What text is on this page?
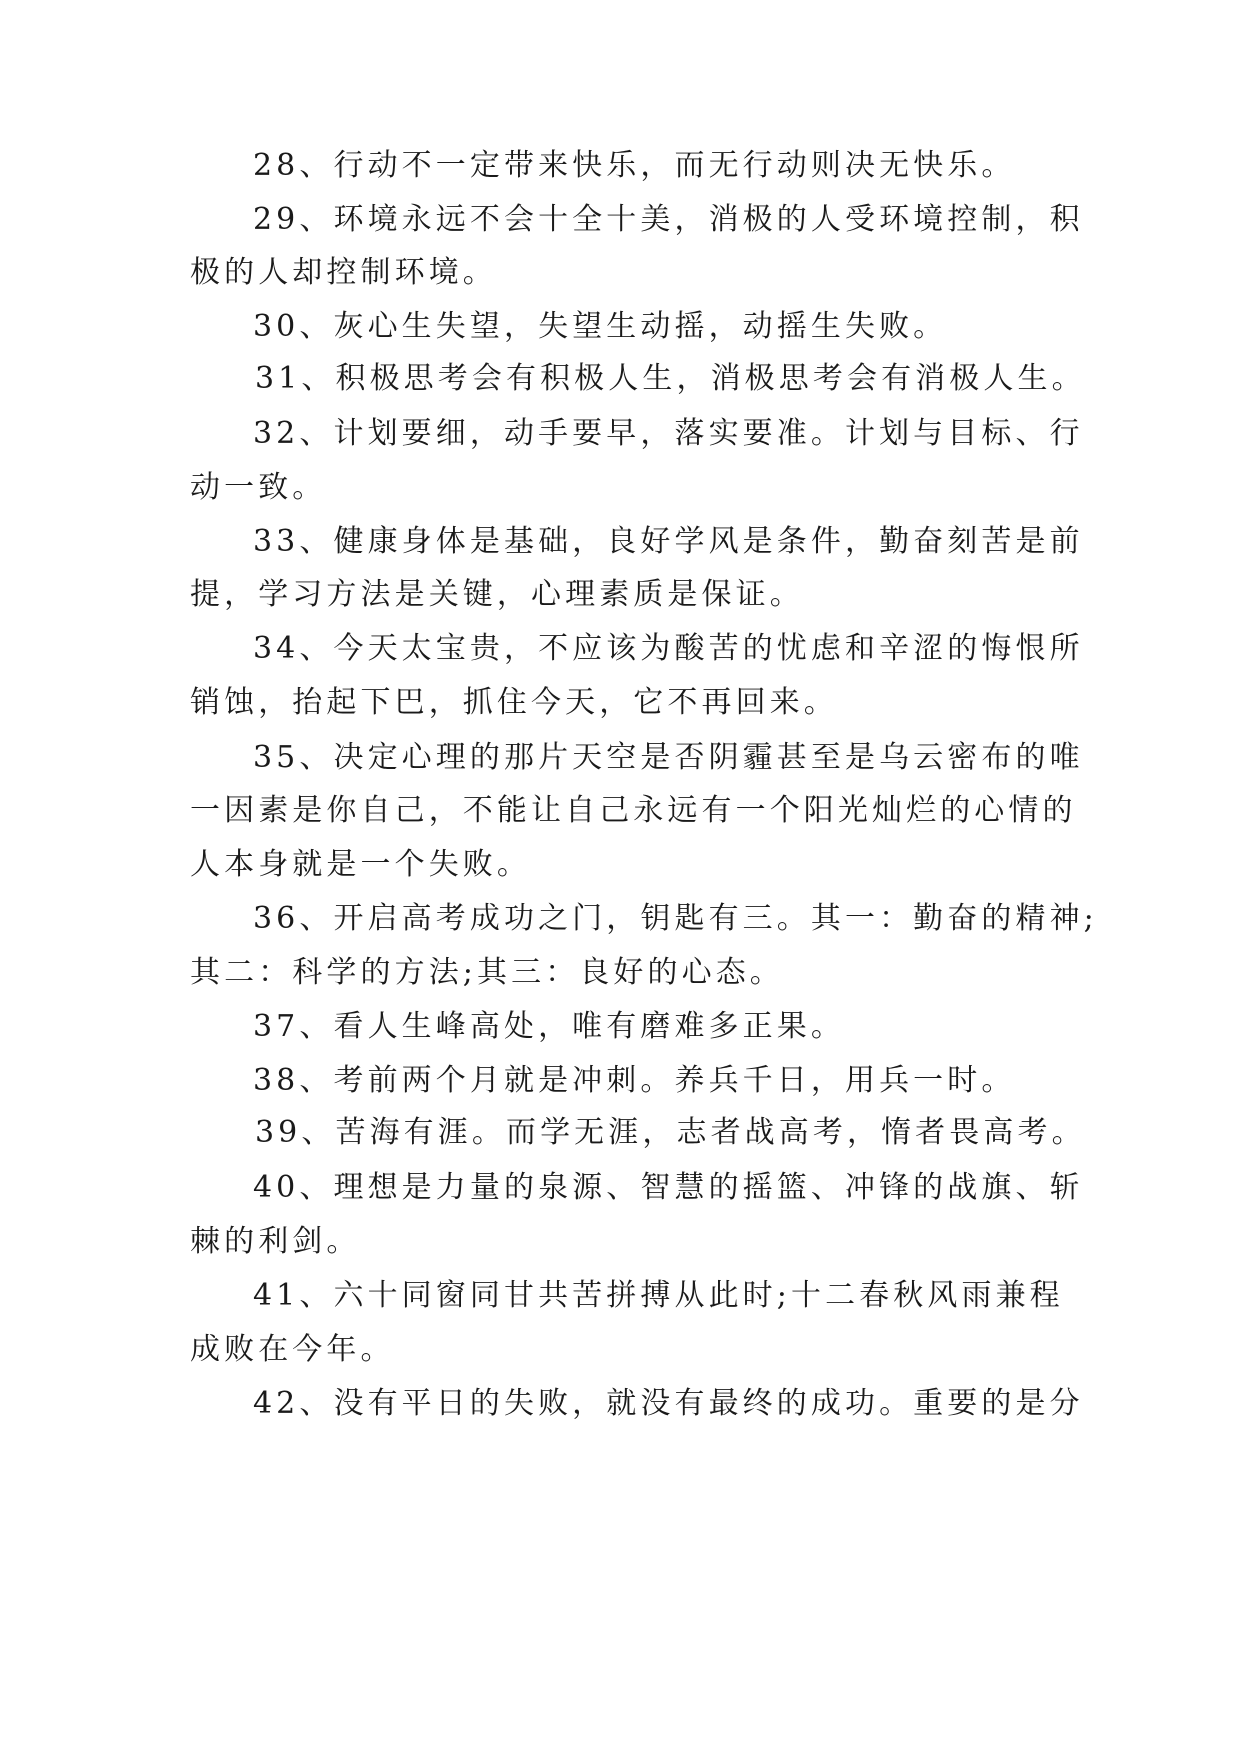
28、行动不一定带来快乐，而无行动则决无快乐。

29、环境永远不会十全十美，消极的人受环境控制，积

极的人却控制环境。

30、灰心生失望，失望生动摇，动摇生失败。

31、积极思考会有积极人生，消极思考会有消极人生。

32、计划要细，动手要早，落实要准。计划与目标、行

动一致。

33、健康身体是基础，良好学风是条件，勤奋刻苦是前

提，学习方法是关键，心理素质是保证。

34、今天太宝贵，不应该为酸苦的忧虑和辛涩的悔恨所

销蚀，抬起下巴，抓住今天，它不再回来。

35、决定心理的那片天空是否阴霾甚至是乌云密布的唯

一因素是你自己，不能让自己永远有一个阳光灿烂的心情的

人本身就是一个失败。

36、开启高考成功之门，钥匙有三。其一：勤奋的精神;

其二：科学的方法;其三：良好的心态。

37、看人生峰高处，唯有磨难多正果。

38、考前两个月就是冲刺。养兵千日，用兵一时。

39、苦海有涯。而学无涯，志者战高考，惰者畏高考。

40、理想是力量的泉源、智慧的摇篮、冲锋的战旗、斩

棘的利剑。

41、六十同窗同甘共苦拼搏从此时;十二春秋风雨兼程

成败在今年。

42、没有平日的失败，就没有最终的成功。重要的是分
